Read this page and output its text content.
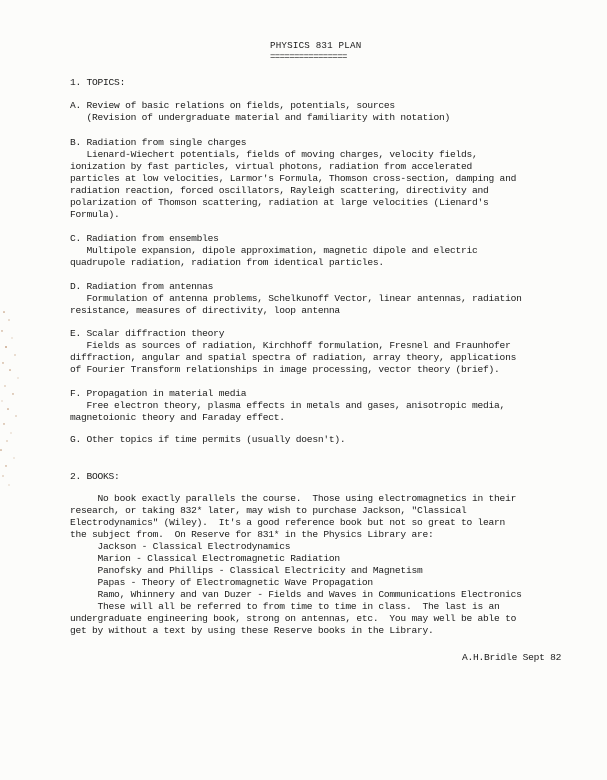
PHYSICS 831 PLAN
================
1. TOPICS:
A. Review of basic relations on fields, potentials, sources
(Revision of undergraduate material and familiarity with notation)
B. Radiation from single charges
Lienard-Wiechert potentials, fields of moving charges, velocity fields,
ionization by fast particles, virtual photons, radiation from accelerated
particles at low velocities, Larmor's Formula, Thomson cross-section, damping and
radiation reaction, forced oscillators, Rayleigh scattering, directivity and
polarization of Thomson scattering, radiation at large velocities (Lienard's
Formula).
C. Radiation from ensembles
Multipole expansion, dipole approximation, magnetic dipole and electric
quadrupole radiation, radiation from identical particles.
D. Radiation from antennas
Formulation of antenna problems, Schelkunoff Vector, linear antennas, radiation
resistance, measures of directivity, loop antenna
E. Scalar diffraction theory
Fields as sources of radiation, Kirchhoff formulation, Fresnel and Fraunhofer
diffraction, angular and spatial spectra of radiation, array theory, applications
of Fourier Transform relationships in image processing, vector theory (brief).
F. Propagation in material media
Free electron theory, plasma effects in metals and gases, anisotropic media,
magnetoionic theory and Faraday effect.
G. Other topics if time permits (usually doesn't).
2. BOOKS:
No book exactly parallels the course.  Those using electromagnetics in their
research, or taking 832* later, may wish to purchase Jackson, "Classical
Electrodynamics" (Wiley).  It's a good reference book but not so great to learn
the subject from.  On Reserve for 831* in the Physics Library are:
Jackson - Classical Electrodynamics
Marion - Classical Electromagnetic Radiation
Panofsky and Phillips - Classical Electricity and Magnetism
Papas - Theory of Electromagnetic Wave Propagation
Ramo, Whinnery and van Duzer - Fields and Waves in Communications Electronics
These will all be referred to from time to time in class.  The last is an
undergraduate engineering book, strong on antennas, etc.  You may well be able to
get by without a text by using these Reserve books in the Library.
A.H.Bridle Sept 82
